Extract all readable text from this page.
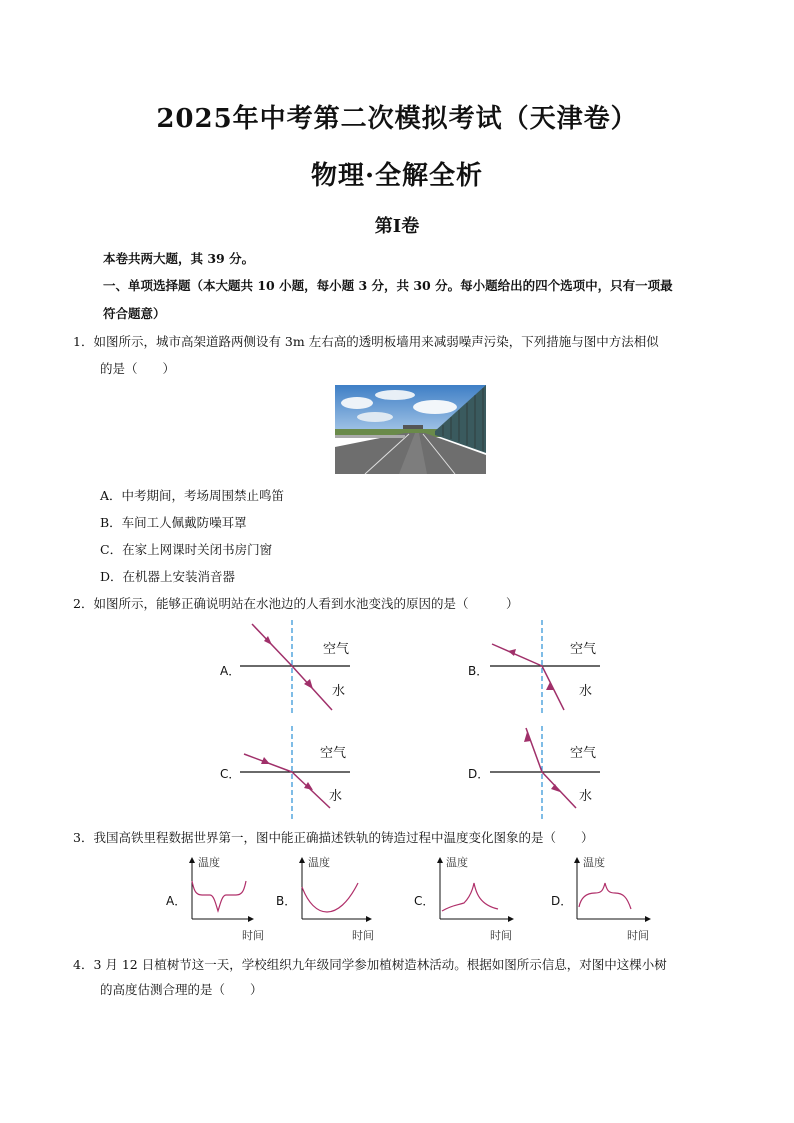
2025年中考第二次模拟考试（天津卷）
物理·全解全析
第Ⅰ卷
本卷共两大题，其 39 分。
一、单项选择题（本大题共 10 小题，每小题 3 分，共 30 分。每小题给出的四个选项中，只有一项最
符合题意）
1．如图所示，城市高架道路两侧设有 3m 左右高的透明板墙用来减弱噪声污染，下列措施与图中方法相似
的是（　　）
A．中考期间，考场周围禁止鸣笛
B．车间工人佩戴防噪耳罩
C．在家上网课时关闭书房门窗
D．在机器上安装消音器
2．如图所示，能够正确说明站在水池边的人看到水池变浅的原因的是（　　　）
A．
空气
水
B．
空气
水
C．
空气
水
D．
空气
水
3．我国高铁里程数据世界第一，图中能正确描述铁轨的铸造过程中温度变化图象的是（　　）
A．
温度
B．
温度
时间
C．
温度
时间
D．
温度
时间
时间
4．3 月 12 日植树节这一天，学校组织九年级同学参加植树造林活动。根据如图所示信息，对图中这棵小树
的高度估测合理的是（　　）
